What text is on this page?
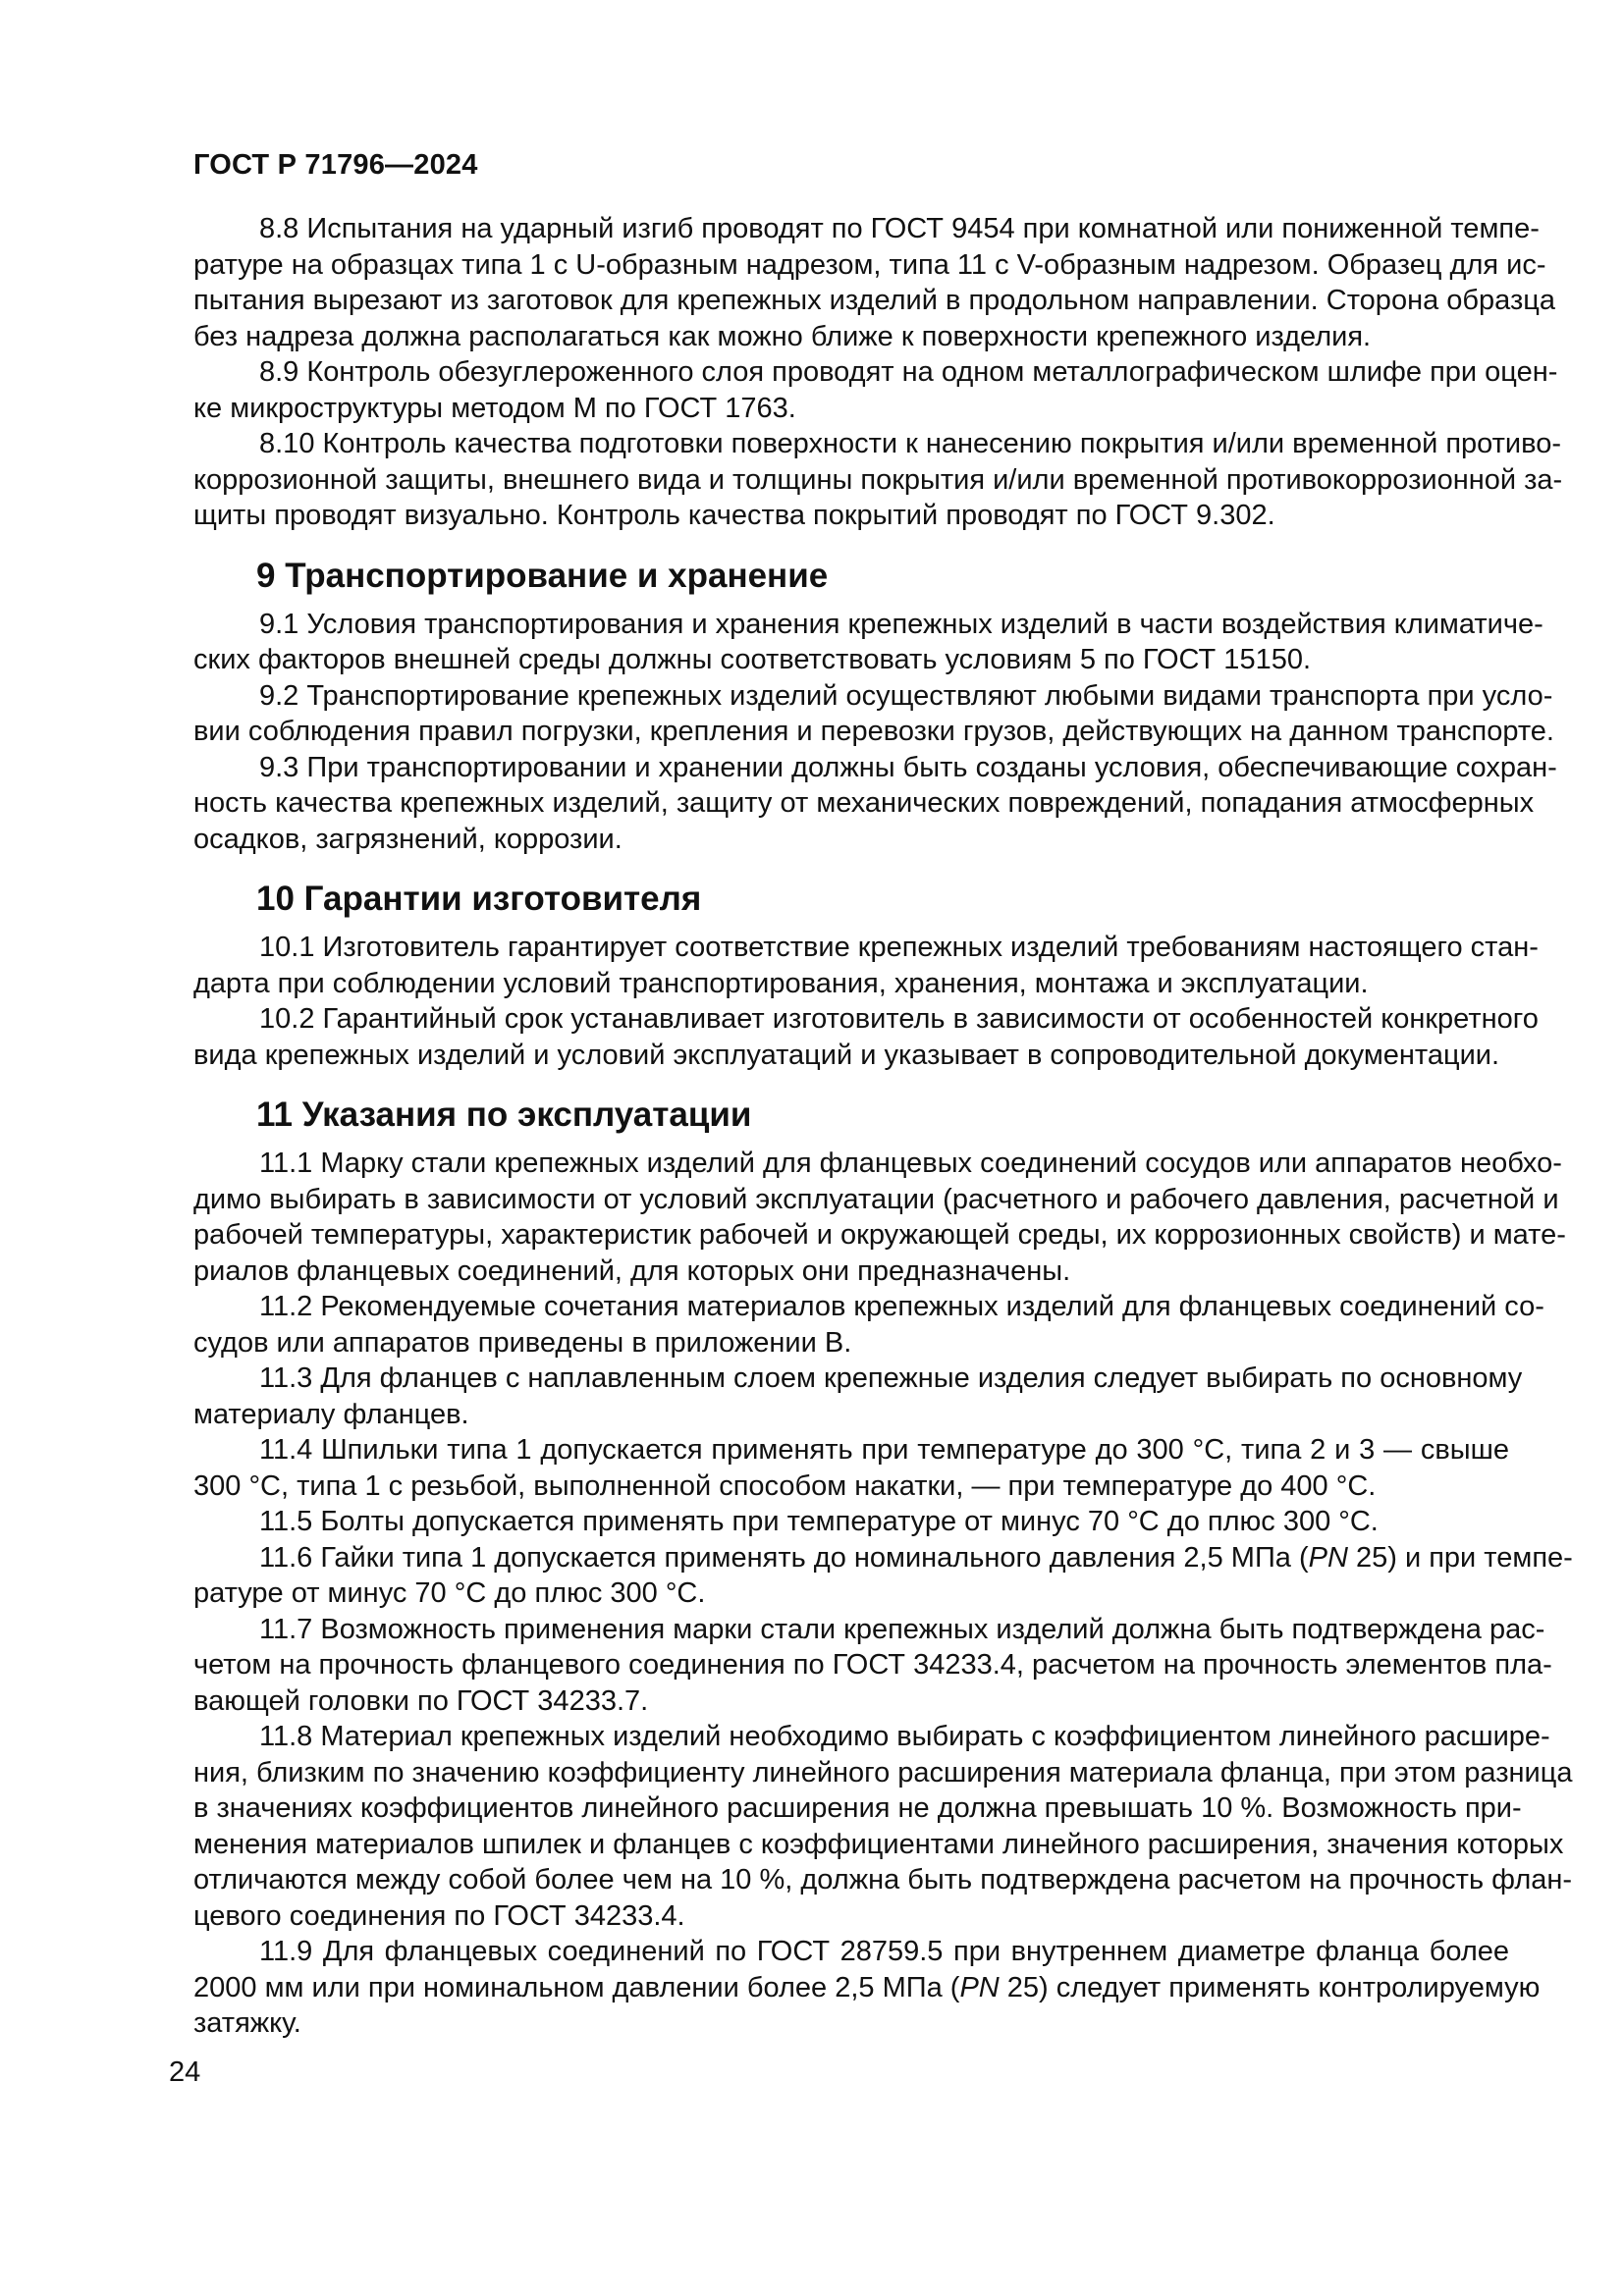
ГОСТ Р 71796—2024
8.8 Испытания на ударный изгиб проводят по ГОСТ 9454 при комнатной или пониженной темпе-
ратуре на образцах типа 1 с U-образным надрезом, типа 11 с V-образным надрезом. Образец для ис-
пытания вырезают из заготовок для крепежных изделий в продольном направлении. Сторона образца
без надреза должна располагаться как можно ближе к поверхности крепежного изделия.
8.9 Контроль обезуглероженного слоя проводят на одном металлографическом шлифе при оцен-
ке микроструктуры методом М по ГОСТ 1763.
8.10 Контроль качества подготовки поверхности к нанесению покрытия и/или временной противо-
коррозионной защиты, внешнего вида и толщины покрытия и/или временной противокоррозионной за-
щиты проводят визуально. Контроль качества покрытий проводят по ГОСТ 9.302.
9 Транспортирование и хранение
9.1 Условия транспортирования и хранения крепежных изделий в части воздействия климатиче-
ских факторов внешней среды должны соответствовать условиям 5 по ГОСТ 15150.
9.2 Транспортирование крепежных изделий осуществляют любыми видами транспорта при усло-
вии соблюдения правил погрузки, крепления и перевозки грузов, действующих на данном транспорте.
9.3 При транспортировании и хранении должны быть созданы условия, обеспечивающие сохран-
ность качества крепежных изделий, защиту от механических повреждений, попадания атмосферных
осадков, загрязнений, коррозии.
10 Гарантии изготовителя
10.1 Изготовитель гарантирует соответствие крепежных изделий требованиям настоящего стан-
дарта при соблюдении условий транспортирования, хранения, монтажа и эксплуатации.
10.2 Гарантийный срок устанавливает изготовитель в зависимости от особенностей конкретного
вида крепежных изделий и условий эксплуатаций и указывает в сопроводительной документации.
11 Указания по эксплуатации
11.1 Марку стали крепежных изделий для фланцевых соединений сосудов или аппаратов необхо-
димо выбирать в зависимости от условий эксплуатации (расчетного и рабочего давления, расчетной и
рабочей температуры, характеристик рабочей и окружающей среды, их коррозионных свойств) и мате-
риалов фланцевых соединений, для которых они предназначены.
11.2 Рекомендуемые сочетания материалов крепежных изделий для фланцевых соединений со-
судов или аппаратов приведены в приложении В.
11.3 Для фланцев с наплавленным слоем крепежные изделия следует выбирать по основному
материалу фланцев.
11.4 Шпильки типа 1 допускается применять при температуре до 300 °С, типа 2 и 3 — свыше
300 °С, типа 1 с резьбой, выполненной способом накатки, — при температуре до 400 °С.
11.5 Болты допускается применять при температуре от минус 70 °С до плюс 300 °С.
11.6 Гайки типа 1 допускается применять до номинального давления 2,5 МПа (PN 25) и при темпе-
ратуре от минус 70 °С до плюс 300 °С.
11.7 Возможность применения марки стали крепежных изделий должна быть подтверждена рас-
четом на прочность фланцевого соединения по ГОСТ 34233.4, расчетом на прочность элементов пла-
вающей головки по ГОСТ 34233.7.
11.8 Материал крепежных изделий необходимо выбирать с коэффициентом линейного расшире-
ния, близким по значению коэффициенту линейного расширения материала фланца, при этом разница
в значениях коэффициентов линейного расширения не должна превышать 10 %. Возможность при-
менения материалов шпилек и фланцев с коэффициентами линейного расширения, значения которых
отличаются между собой более чем на 10 %, должна быть подтверждена расчетом на прочность флан-
цевого соединения по ГОСТ 34233.4.
11.9 Для фланцевых соединений по ГОСТ 28759.5 при внутреннем диаметре фланца более
2000 мм или при номинальном давлении более 2,5 МПа (PN 25) следует применять контролируемую
затяжку.
24
